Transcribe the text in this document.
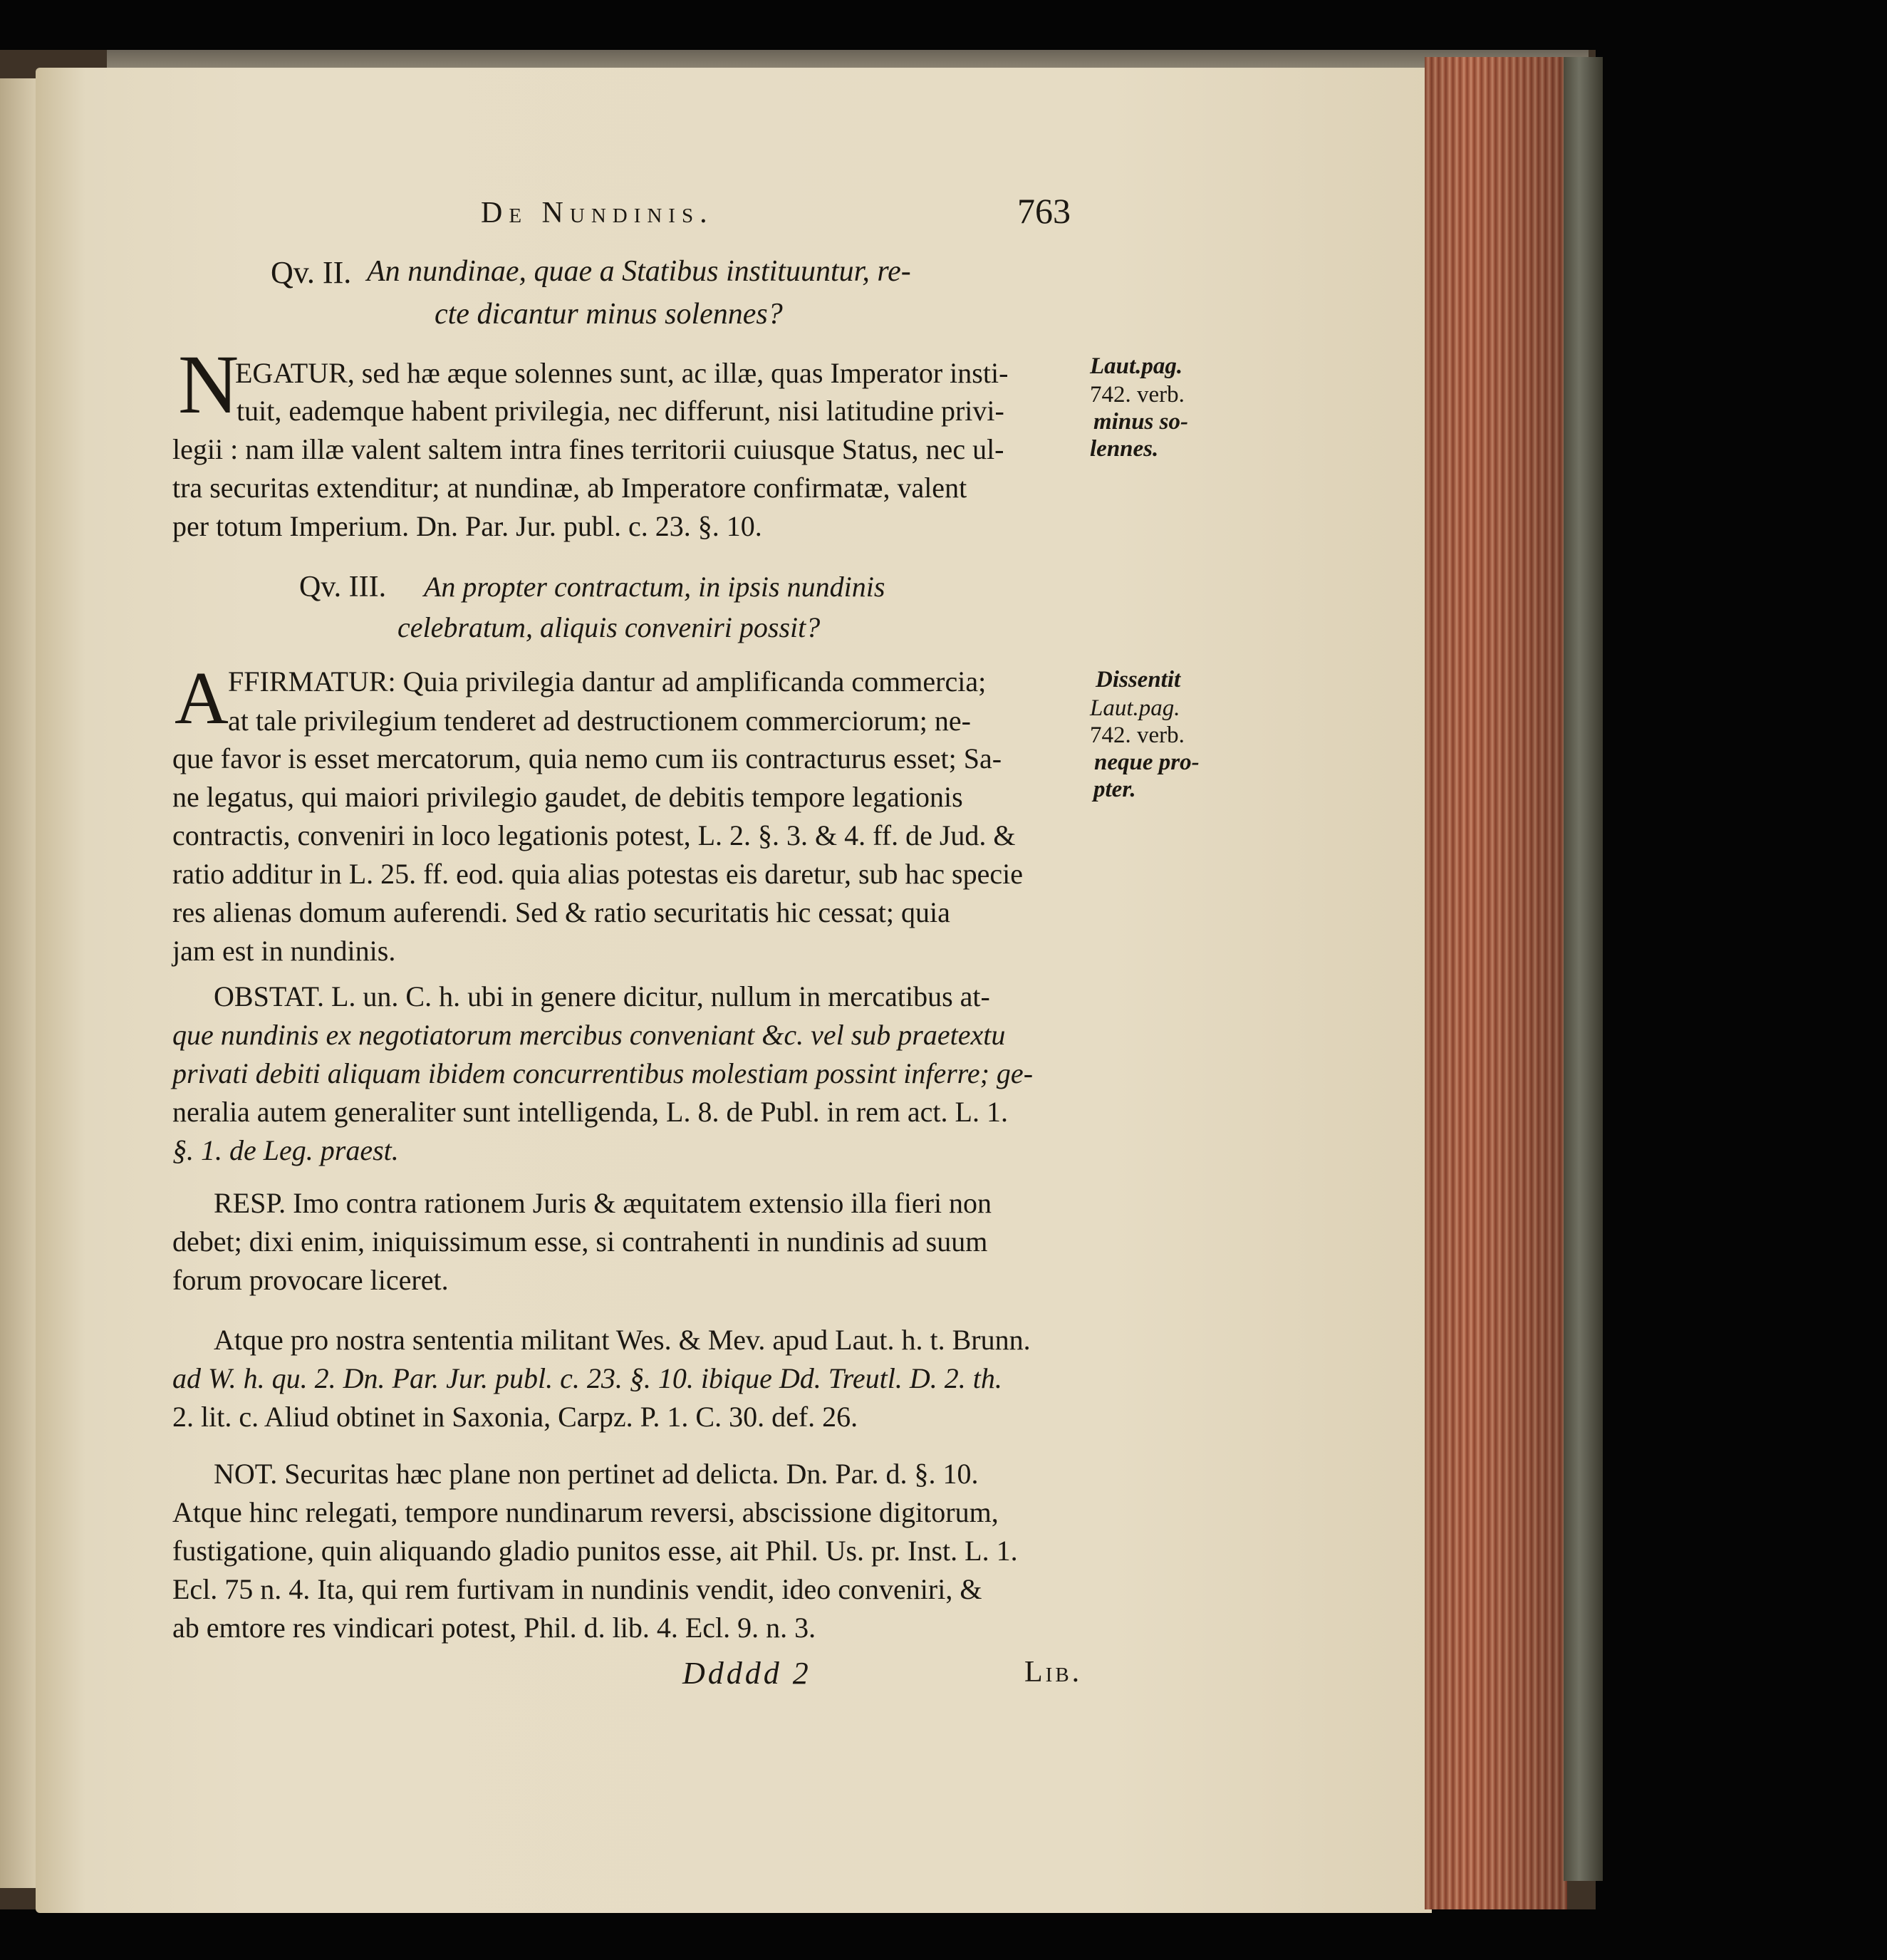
De Nundinis.	763
Qv. II. An nundinae, quae a Statibus instituuntur, re-
cte dicantur minus solennes?
N
EGATUR, sed hæ æque solennes sunt, ac illæ, quas Imperator insti-
tuit, eademque habent privilegia, nec differunt, nisi latitudine privi-
legii : nam illæ valent saltem intra fines territorii cuiusque Status, nec ul-
tra securitas extenditur; at nundinæ, ab Imperatore confirmatæ, valent
per totum Imperium. Dn. Par. Jur. publ. c. 23. §. 10.
Laut.pag.
742. verb.
minus so-
lennes.
Qv. III. An propter contractum, in ipsis nundinis
celebratum, aliquis conveniri possit?
A FFIRMATUR: Quia privilegia dantur ad amplificanda commercia;
at tale privilegium tenderet ad destructionem commerciorum; ne-
que favor is esset mercatorum, quia nemo cum iis contracturus esset; Sa-
ne legatus, qui maiori privilegio gaudet, de debitis tempore legationis
contractis, conveniri in loco legationis potest, L. 2. §. 3. & 4. ff. de Jud. &
ratio additur in L. 25. ff. eod. quia alias potestas eis daretur, sub hac specie
res alienas domum auferendi. Sed & ratio securitatis hic cessat; quia
jam est in nundinis.
Dissentit
Laut.pag.
742. verb.
neque pro-
pter.
OBSTAT. L. un. C. h. ubi in genere dicitur, nullum in mercatibus at-
que nundinis ex negotiatorum mercibus conveniant &c. vel sub praetextu
privati debiti aliquam ibidem concurrentibus molestiam possint inferre; ge-
neralia autem generaliter sunt intelligenda, L. 8. de Publ. in rem act. L. 1.
§. 1. de Leg. praest.
RESP. Imo contra rationem Juris & æquitatem extensio illa fieri non
debet; dixi enim, iniquissimum esse, si contrahenti in nundinis ad suum
forum provocare liceret.
Atque pro nostra sententia militant Wes. & Mev. apud Laut. h. t. Brunn.
ad W. h. qu. 2. Dn. Par. Jur. publ. c. 23. §. 10. ibique Dd. Treutl. D. 2. th.
2. lit. c. Aliud obtinet in Saxonia, Carpz. P. 1. C. 30. def. 26.
NOT. Securitas hæc plane non pertinet ad delicta. Dn. Par. d. §. 10.
Atque hinc relegati, tempore nundinarum reversi, abscissione digitorum,
fustigatione, quin aliquando gladio punitos esse, ait Phil. Us. pr. Inst. L. 1.
Ecl. 75 n. 4. Ita, qui rem furtivam in nundinis vendit, ideo conveniri, &
ab emtore res vindicari potest, Phil. d. lib. 4. Ecl. 9. n. 3.
Ddddd 2	Lib.
